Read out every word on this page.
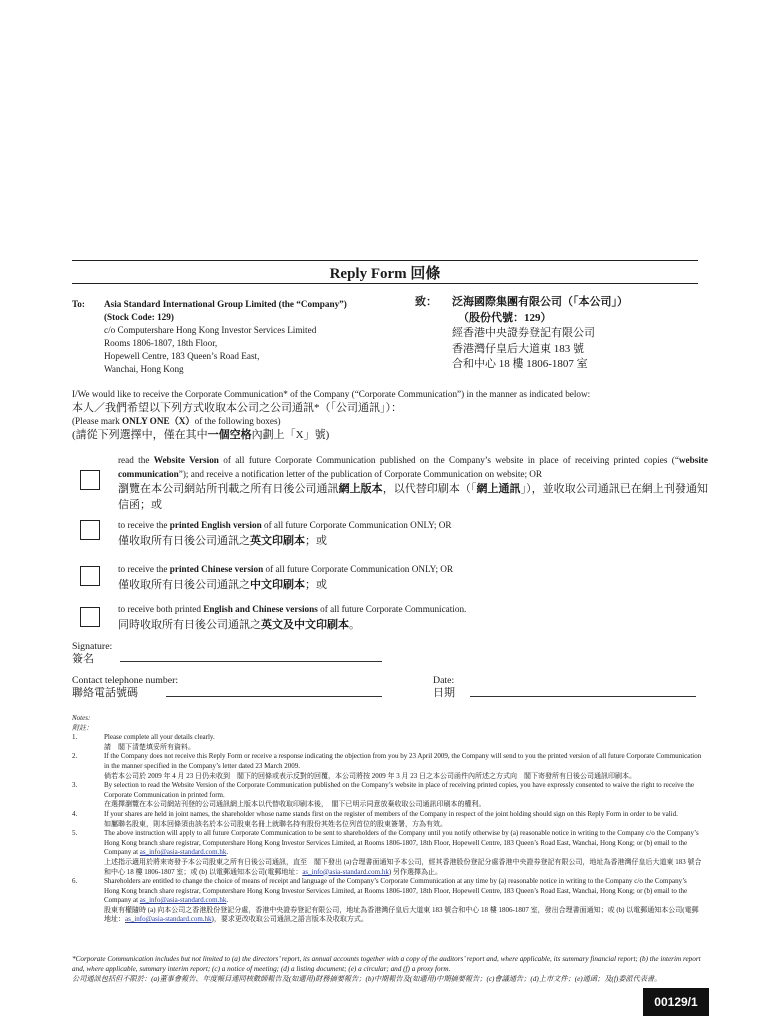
Reply Form 回條
To: Asia Standard International Group Limited (the “Company”)
(Stock Code: 129)
c/o Computershare Hong Kong Investor Services Limited
Rooms 1806-1807, 18th Floor,
Hopewell Centre, 183 Queen’s Road East,
Wanchai, Hong Kong
致： 泛海國際集團有限公司（「本公司」）
（股份代號：129）
經香港中央證券登記有限公司
香港灣仔皇后大道東 183 號
合和中心 18 樓 1806-1807 室
I/We would like to receive the Corporate Communication* of the Company (“Corporate Communication”) in the manner as indicated below:
本人／我們希望以下列方式收取本公司之公司通訊*（「公司通訊」）：
(Please mark ONLY ONE（X）of the following boxes)
(請從下列選擇中，僅在其中一個空格內劃上「X」號)
read the Website Version of all future Corporate Communication published on the Company’s website in place of receiving printed copies (“website communication”); and receive a notification letter of the publication of Corporate Communication on website; OR
瀏覽在本公司網站所刊載之所有日後公司通訊網上版本，以代替印刷本（「網上通訊」），並收取公司通訊已在網上刊發通知信函；或
to receive the printed English version of all future Corporate Communication ONLY; OR
僅收取所有日後公司通訊之英文印刷本；或
to receive the printed Chinese version of all future Corporate Communication ONLY; OR
僅收取所有日後公司通訊之中文印刷本；或
to receive both printed English and Chinese versions of all future Corporate Communication.
同時收取所有日後公司通訊之英文及中文印刷本。
Signature:
簽名
Contact telephone number:
聯絡電話號碼
Date:
日期
Notes:
附註：
1.	Please complete all your details clearly.
請　閣下清楚填妥所有資料。
2.	If the Company does not receive this Reply Form or receive a response indicating the objection from you by 23 April 2009, the Company will send to you the printed version of all future Corporate Communication in the manner specified in the Company’s letter dated 23 March 2009.
倘若本公司於 2009 年 4 月 23 日仍未收到　閣下的回條或表示反對的回覆，本公司將按 2009 年 3 月 23 日之本公司函件內所述之方式向　閣下寄發所有日後公司通訊印刷本。
3.	By selection to read the Website Version of the Corporate Communication published on the Company’s website in place of receiving printed copies, you have expressly consented to waive the right to receive the Corporate Communication in printed form.
在選擇瀏覽在本公司網站刊登的公司通訊網上版本以代替收取印刷本後，　閣下已明示同意放棄收取公司通訊印刷本的權利。
4.	If your shares are held in joint names, the shareholder whose name stands first on the register of members of the Company in respect of the joint holding should sign on this Reply Form in order to be valid.
如屬聯名股東，則本回條須由該名於本公司股東名冊上就聯名持有股份其姓名位列首位的股東簽署，方為有效。
5.	The above instruction will apply to all future Corporate Communication to be sent to shareholders of the Company until you notify otherwise by (a) reasonable notice in writing to the Company c/o the Company’s Hong Kong branch share registrar, Computershare Hong Kong Investor Services Limited, at Rooms 1806-1807, 18th Floor, Hopewell Centre, 183 Queen’s Road East, Wanchai, Hong Kong; or (b) email to the Company at as_info@asia-standard.com.hk.
上述指示適用於將來寄發予本公司股東之所有日後公司通訊，直至　閣下發出 (a)合理書面通知予本公司，經其香港股份登記分處香港中央證券登記有限公司，地址為香港灣仔皇后大道東 183 號合和中心 18 樓 1806-1807 室；或 (b) 以電郵通知本公司(電郵地址：as_info@asia-standard.com.hk) 另作選擇為止。
6.	Shareholders are entitled to change the choice of means of receipt and language of the Company’s Corporate Communication at any time by (a) reasonable notice in writing to the Company c/o the Company’s Hong Kong branch share registrar, Computershare Hong Kong Investor Services Limited, at Rooms 1806-1807, 18th Floor, Hopewell Centre, 183 Queen’s Road East, Wanchai, Hong Kong; or (b) email to the Company at as_info@asia-standard.com.hk.
股東有權隨時 (a) 向本公司之香港股份登記分處，香港中央證券登記有限公司，地址為香港灣仔皇后大道東 183 號合和中心 18 樓 1806-1807 室，發出合理書面通知；或 (b) 以電郵通知本公司(電郵地址：as_info@asia-standard.com.hk)，要求更改收取公司通訊之語言版本及收取方式。
*Corporate Communication includes but not limited to (a) the directors’ report, its annual accounts together with a copy of the auditors’ report and, where applicable, its summary financial report; (b) the interim report and, where applicable, summary interim report; (c) a notice of meeting; (d) a listing document; (e) a circular; and (f) a proxy form.
公司通訊包括但不限於：(a)董事會報告、年度帳目連同核數師報告及(如適用)財務摘要報告；(b)中期報告及(如適用)中期摘要報告；(c)會議通告；(d)上市文件；(e)通函；及(f)委派代表書。
00129/1
